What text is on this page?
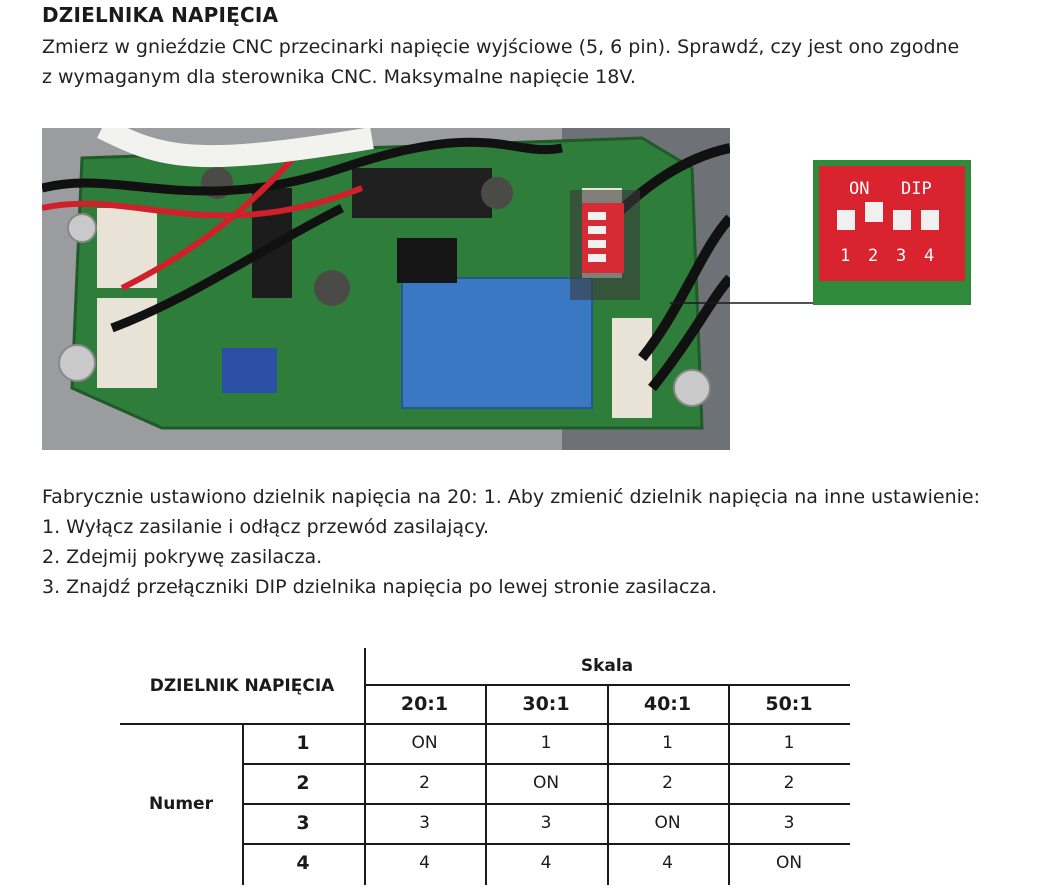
DZIELNIKA NAPIĘCIA
Zmierz w gnieździe CNC przecinarki napięcie wyjściowe (5, 6 pin). Sprawdź, czy jest ono zgodne
z wymaganym dla sterownika CNC. Maksymalne napięcie 18V.
ON DIP
1 2 3 4
Fabrycznie ustawiono dzielnik napięcia na 20: 1. Aby zmienić dzielnik napięcia na inne ustawienie:
1. Wyłącz zasilanie i odłącz przewód zasilający.
2. Zdejmij pokrywę zasilacza.
3. Znajdź przełączniki DIP dzielnika napięcia po lewej stronie zasilacza.
DZIELNIK NAPIĘCIA
Skala
20:1	30:1	40:1	50:1
Numer
1	ON	1	1	1
2	2	ON	2	2
3	3	3	ON	3
4	4	4	4	ON
